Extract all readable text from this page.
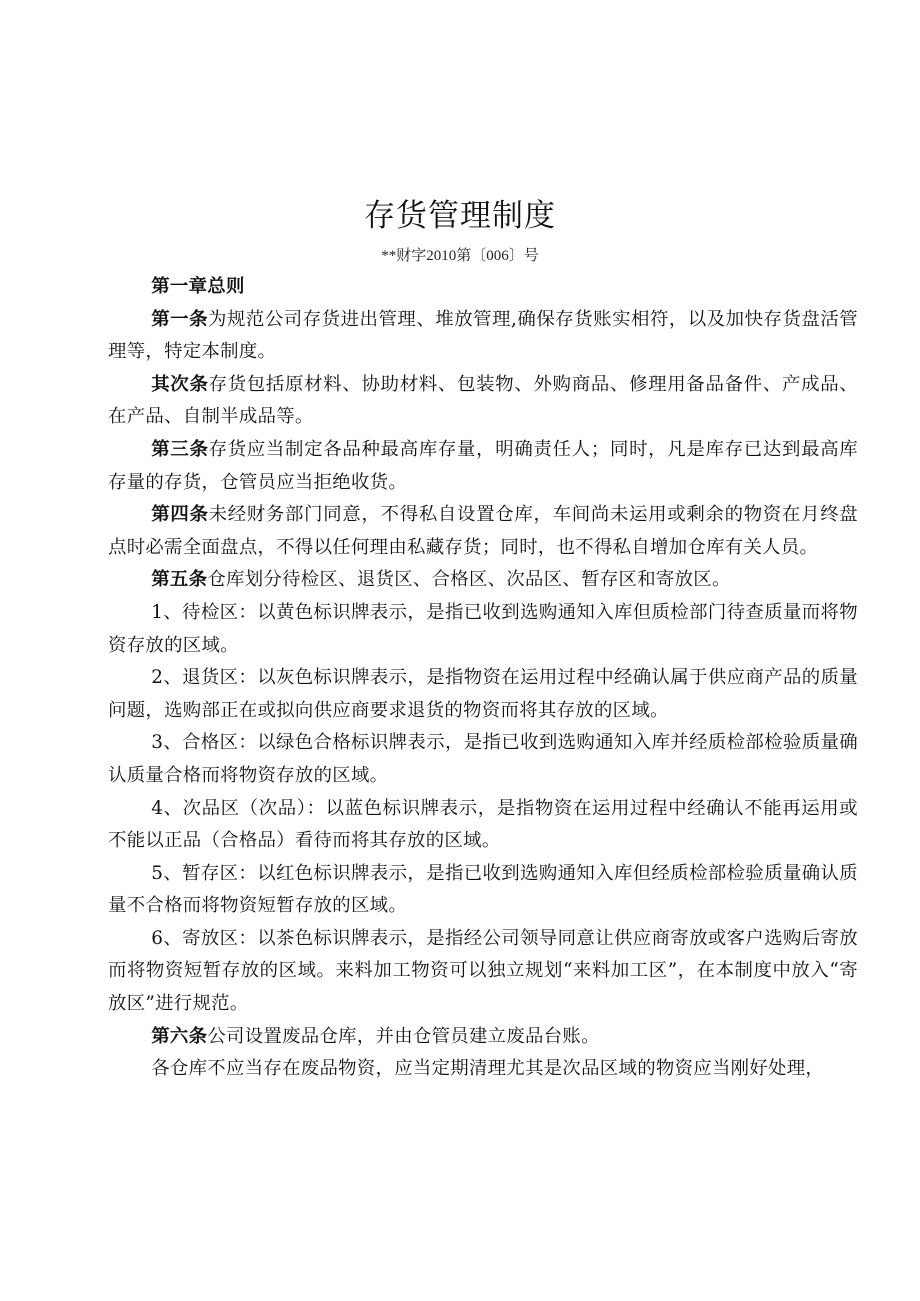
存货管理制度
**财字2010第〔006〕号

第一章总则

第一条为规范公司存货进出管理、堆放管理,确保存货账实相符，以及加快存货盘活管理等，特定本制度。

其次条存货包括原材料、协助材料、包装物、外购商品、修理用备品备件、产成品、在产品、自制半成品等。

第三条存货应当制定各品种最高库存量，明确责任人；同时，凡是库存已达到最高库存量的存货，仓管员应当拒绝收货。

第四条未经财务部门同意，不得私自设置仓库，车间尚未运用或剩余的物资在月终盘点时必需全面盘点，不得以任何理由私藏存货；同时，也不得私自增加仓库有关人员。

第五条仓库划分待检区、退货区、合格区、次品区、暂存区和寄放区。

1、待检区：以黄色标识牌表示，是指已收到选购通知入库但质检部门待查质量而将物资存放的区域。

2、退货区：以灰色标识牌表示，是指物资在运用过程中经确认属于供应商产品的质量问题，选购部正在或拟向供应商要求退货的物资而将其存放的区域。

3、合格区：以绿色合格标识牌表示，是指已收到选购通知入库并经质检部检验质量确认质量合格而将物资存放的区域。

4、次品区（次品）：以蓝色标识牌表示，是指物资在运用过程中经确认不能再运用或不能以正品（合格品）看待而将其存放的区域。

5、暂存区：以红色标识牌表示，是指已收到选购通知入库但经质检部检验质量确认质量不合格而将物资短暂存放的区域。

6、寄放区：以茶色标识牌表示，是指经公司领导同意让供应商寄放或客户选购后寄放而将物资短暂存放的区域。来料加工物资可以独立规划“来料加工区”，在本制度中放入“寄放区”进行规范。

第六条公司设置废品仓库，并由仓管员建立废品台账。

各仓库不应当存在废品物资，应当定期清理尤其是次品区域的物资应当刚好处理，
